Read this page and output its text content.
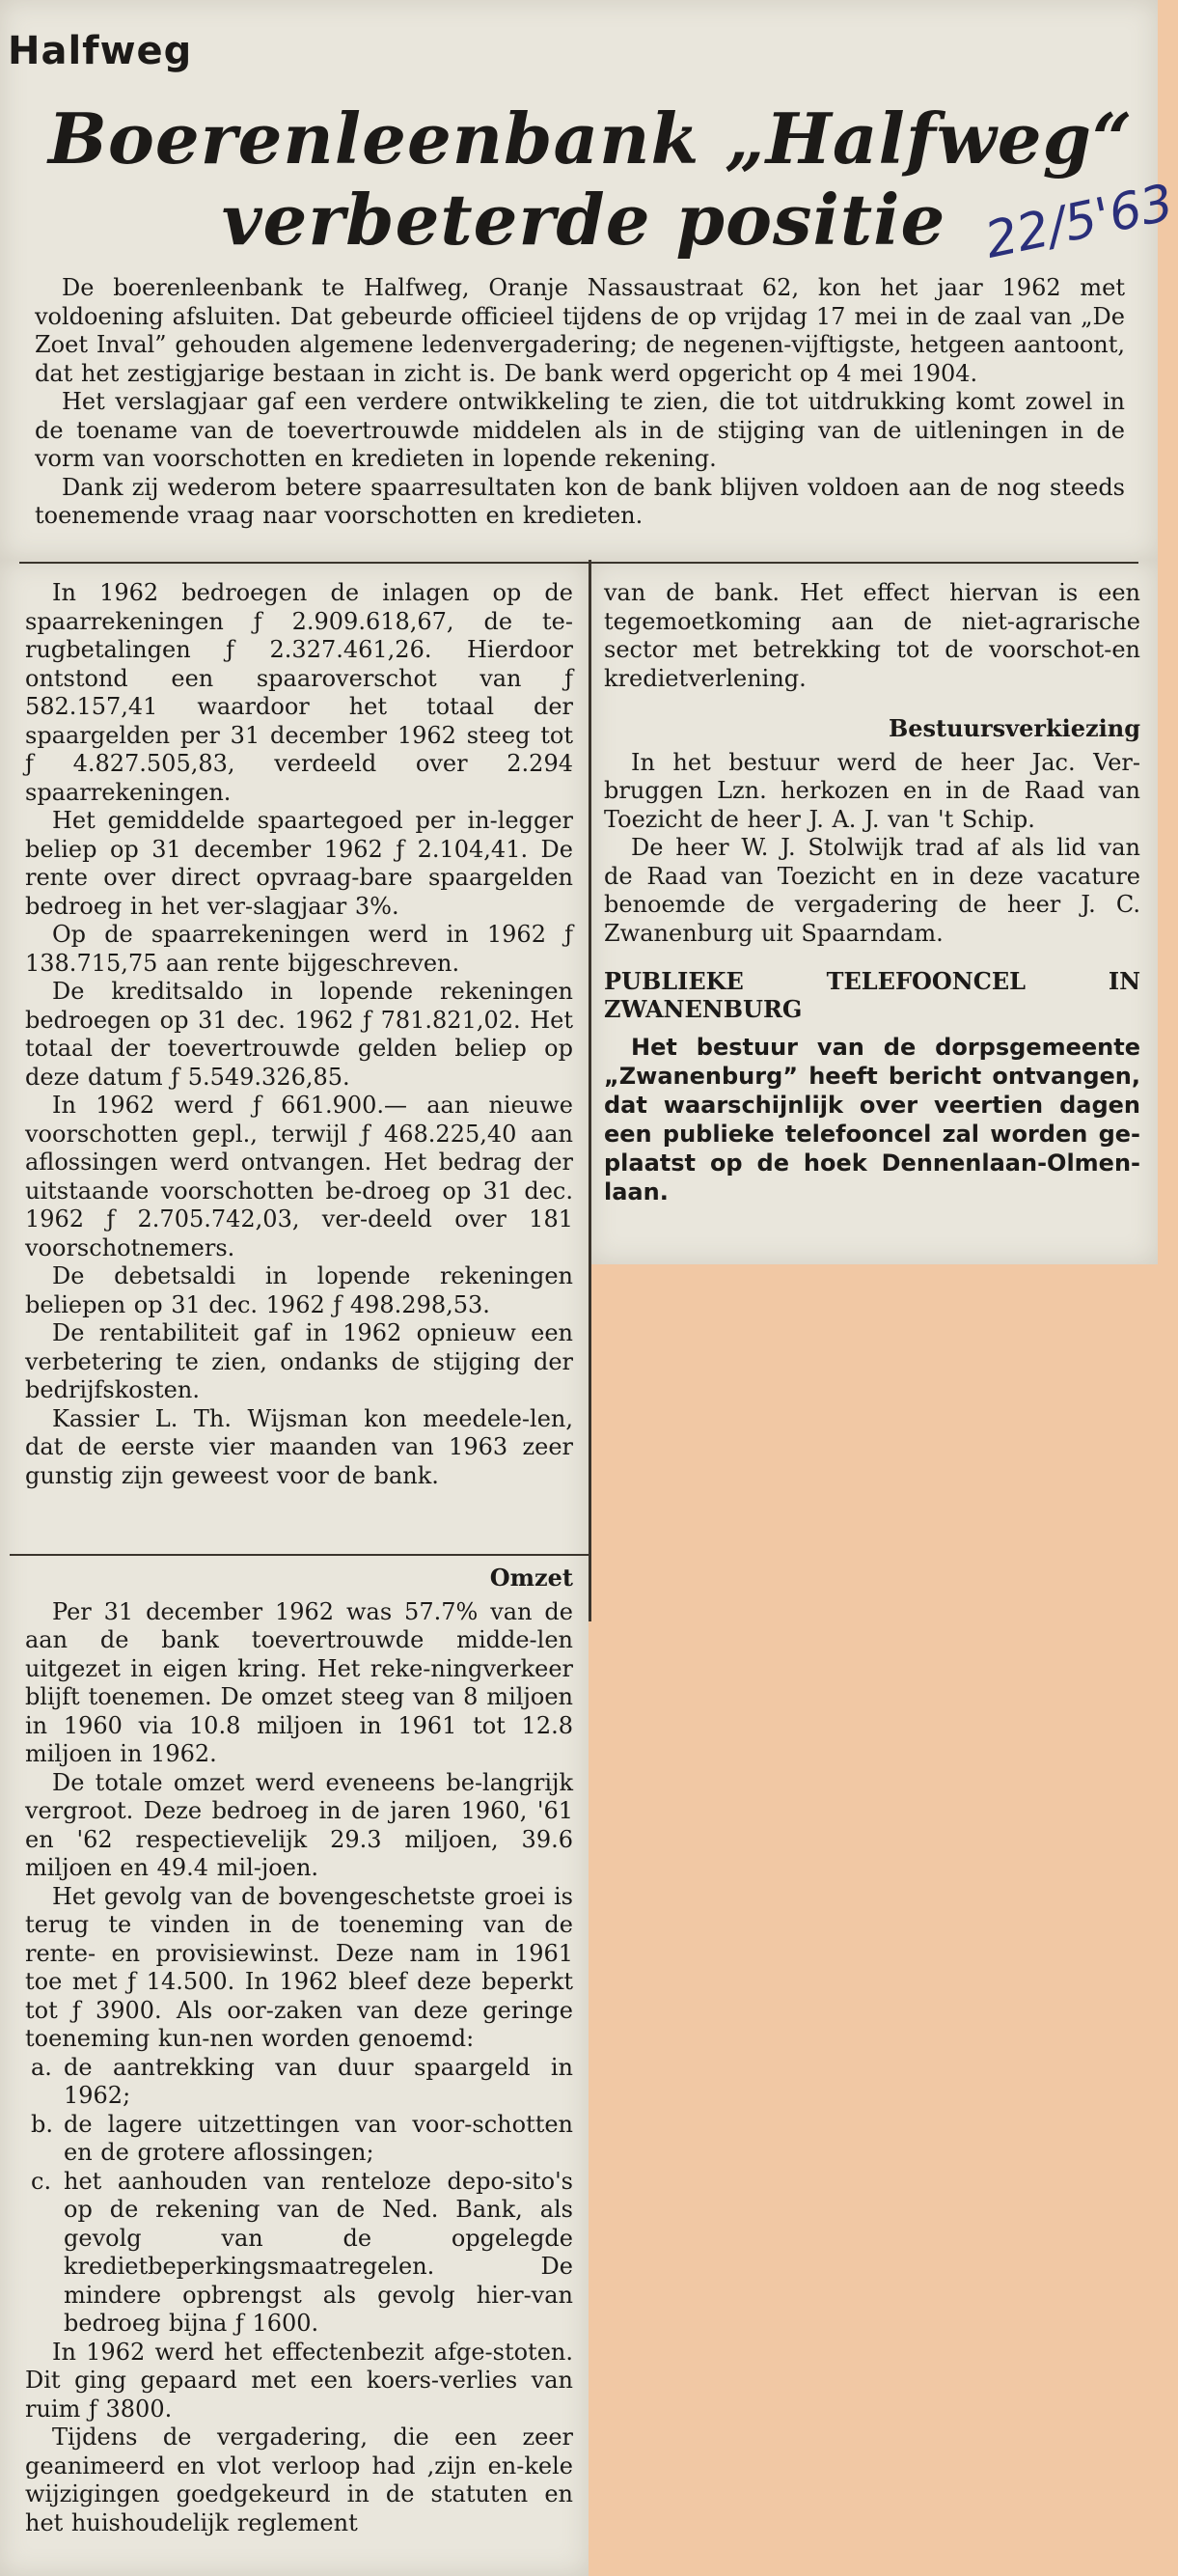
Halfweg
Boerenleenbank „Halfweg“
verbeterde positie 22/5'63

De boerenleenbank te Halfweg, Oranje Nassaustraat 62, kon het jaar 1962 met voldoening afsluiten. Dat gebeurde officieel tijdens de op vrijdag 17 mei in de zaal van „De Zoet Inval” gehouden algemene ledenvergadering; de negenen-vijftigste, hetgeen aantoont, dat het zestigjarige bestaan in zicht is. De bank werd opgericht op 4 mei 1904.

Het verslagjaar gaf een verdere ontwikkeling te zien, die tot uitdrukking komt zowel in de toename van de toevertrouwde middelen als in de stijging van de uitleningen in de vorm van voorschotten en kredieten in lopende rekening.

Dank zij wederom betere spaarresultaten kon de bank blijven voldoen aan de nog steeds toenemende vraag naar voorschotten en kredieten.

In 1962 bedroegen de inlagen op de spaarrekeningen ƒ 2.909.618,67, de te-rugbetalingen ƒ 2.327.461,26. Hierdoor ontstond een spaaroverschot van ƒ 582.157,41 waardoor het totaal der spaargelden per 31 december 1962 steeg tot ƒ 4.827.505,83, verdeeld over 2.294 spaarrekeningen.

Het gemiddelde spaartegoed per in-legger beliep op 31 december 1962 ƒ 2.104,41. De rente over direct opvraag-bare spaargelden bedroeg in het ver-slagjaar 3%.

Op de spaarrekeningen werd in 1962 ƒ 138.715,75 aan rente bijgeschreven.

De kreditsaldo in lopende rekeningen bedroegen op 31 dec. 1962 ƒ 781.821,02. Het totaal der toevertrouwde gelden beliep op deze datum ƒ 5.549.326,85.

In 1962 werd ƒ 661.900.— aan nieuwe voorschotten gepl., terwijl ƒ 468.225,40 aan aflossingen werd ontvangen. Het bedrag der uitstaande voorschotten be-droeg op 31 dec. 1962 ƒ 2.705.742,03, ver-deeld over 181 voorschotnemers.

De debetsaldi in lopende rekeningen beliepen op 31 dec. 1962 ƒ 498.298,53.

De rentabiliteit gaf in 1962 opnieuw een verbetering te zien, ondanks de stijging der bedrijfskosten.

Kassier L. Th. Wijsman kon meedele-len, dat de eerste vier maanden van 1963 zeer gunstig zijn geweest voor de bank.

Omzet

Per 31 december 1962 was 57.7% van de aan de bank toevertrouwde midde-len uitgezet in eigen kring. Het reke-ningverkeer blijft toenemen. De omzet steeg van 8 miljoen in 1960 via 10.8 miljoen in 1961 tot 12.8 miljoen in 1962.

De totale omzet werd eveneens be-langrijk vergroot. Deze bedroeg in de jaren 1960, '61 en '62 respectievelijk 29.3 miljoen, 39.6 miljoen en 49.4 mil-joen.

Het gevolg van de bovengeschetste groei is terug te vinden in de toeneming van de rente- en provisiewinst. Deze nam in 1961 toe met ƒ 14.500. In 1962 bleef deze beperkt tot ƒ 3900. Als oor-zaken van deze geringe toeneming kun-nen worden genoemd:

a. de aantrekking van duur spaargeld in 1962;
b. de lagere uitzettingen van voor-schotten en de grotere aflossingen;
c. het aanhouden van renteloze depo-sito's op de rekening van de Ned. Bank, als gevolg van de opgelegde kredietbeperkingsmaatregelen. De mindere opbrengst als gevolg hier-van bedroeg bijna ƒ 1600.

In 1962 werd het effectenbezit afge-stoten. Dit ging gepaard met een koers-verlies van ruim ƒ 3800.

Tijdens de vergadering, die een zeer geanimeerd en vlot verloop had ,zijn en-kele wijzigingen goedgekeurd in de statuten en het huishoudelijk reglement

van de bank. Het effect hiervan is een tegemoetkoming aan de niet-agrarische sector met betrekking tot de voorschot-en kredietverlening.

Bestuursverkiezing

In het bestuur werd de heer Jac. Ver-bruggen Lzn. herkozen en in de Raad van Toezicht de heer J. A. J. van 't Schip.

De heer W. J. Stolwijk trad af als lid van de Raad van Toezicht en in deze vacature benoemde de vergadering de heer J. C. Zwanenburg uit Spaarndam.

PUBLIEKE TELEFOONCEL IN ZWANENBURG

Het bestuur van de dorpsgemeente „Zwanenburg” heeft bericht ontvangen, dat waarschijnlijk over veertien dagen een publieke telefooncel zal worden ge-plaatst op de hoek Dennenlaan-Olmen-laan.
